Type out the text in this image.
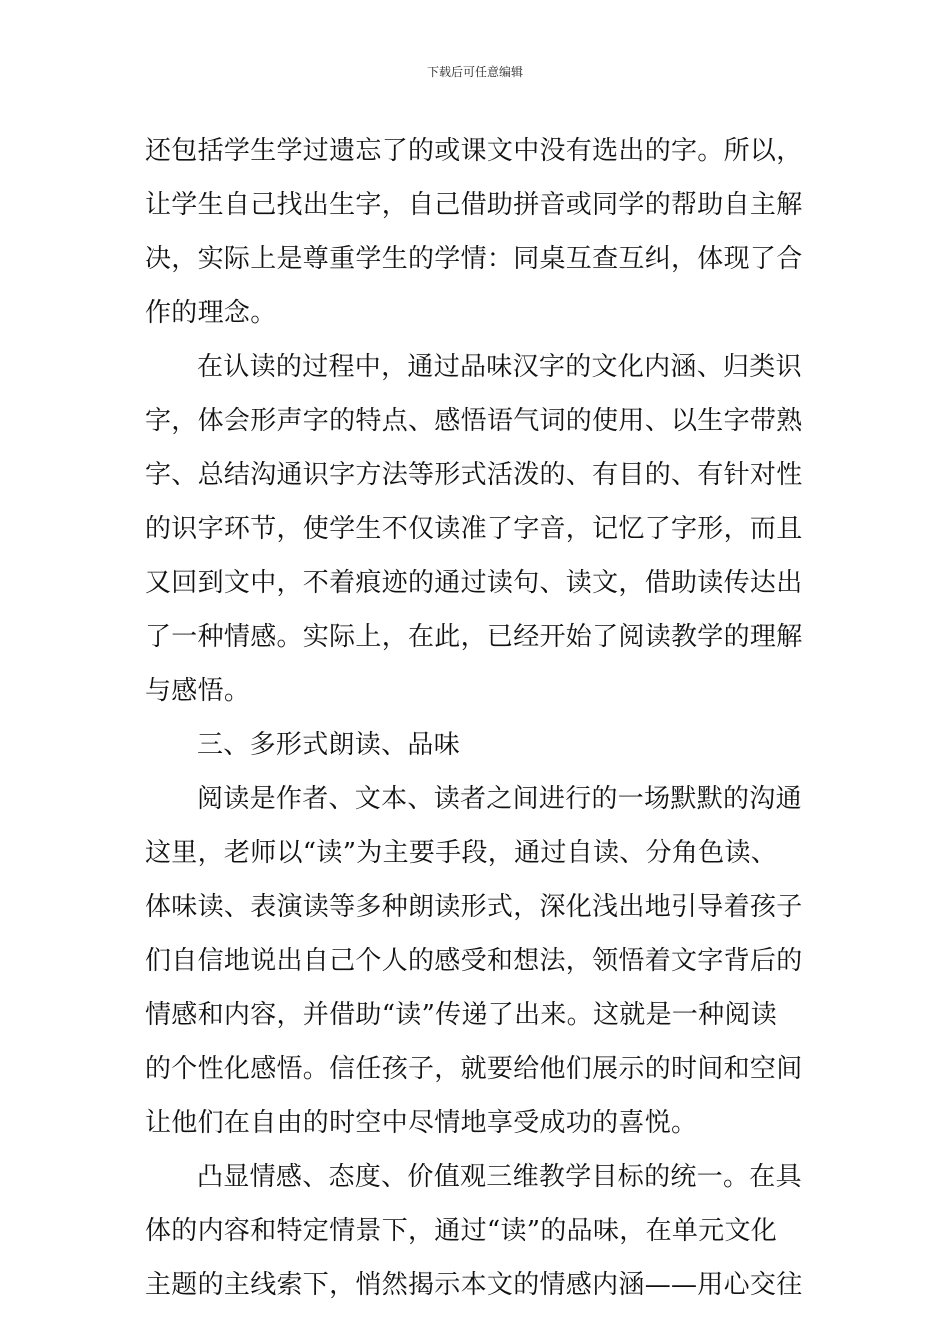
下载后可任意编辑
还包括学生学过遗忘了的或课文中没有选出的字。所以，
让学生自己找出生字，自己借助拼音或同学的帮助自主解
决，实际上是尊重学生的学情：同桌互查互纠，体现了合
作的理念。
在认读的过程中，通过品味汉字的文化内涵、归类识
字，体会形声字的特点、感悟语气词的使用、以生字带熟
字、总结沟通识字方法等形式活泼的、有目的、有针对性
的识字环节，使学生不仅读准了字音，记忆了字形，而且
又回到文中，不着痕迹的通过读句、读文，借助读传达出
了一种情感。实际上，在此，已经开始了阅读教学的理解
与感悟。
三、多形式朗读、品味
阅读是作者、文本、读者之间进行的一场默默的沟通
这里，老师以“读”为主要手段，通过自读、分角色读、
体味读、表演读等多种朗读形式，深化浅出地引导着孩子
们自信地说出自己个人的感受和想法，领悟着文字背后的
情感和内容，并借助“读”传递了出来。这就是一种阅读
的个性化感悟。信任孩子，就要给他们展示的时间和空间
让他们在自由的时空中尽情地享受成功的喜悦。
凸显情感、态度、价值观三维教学目标的统一。在具
体的内容和特定情景下，通过“读”的品味，在单元文化
主题的主线索下，悄然揭示本文的情感内涵——用心交往
